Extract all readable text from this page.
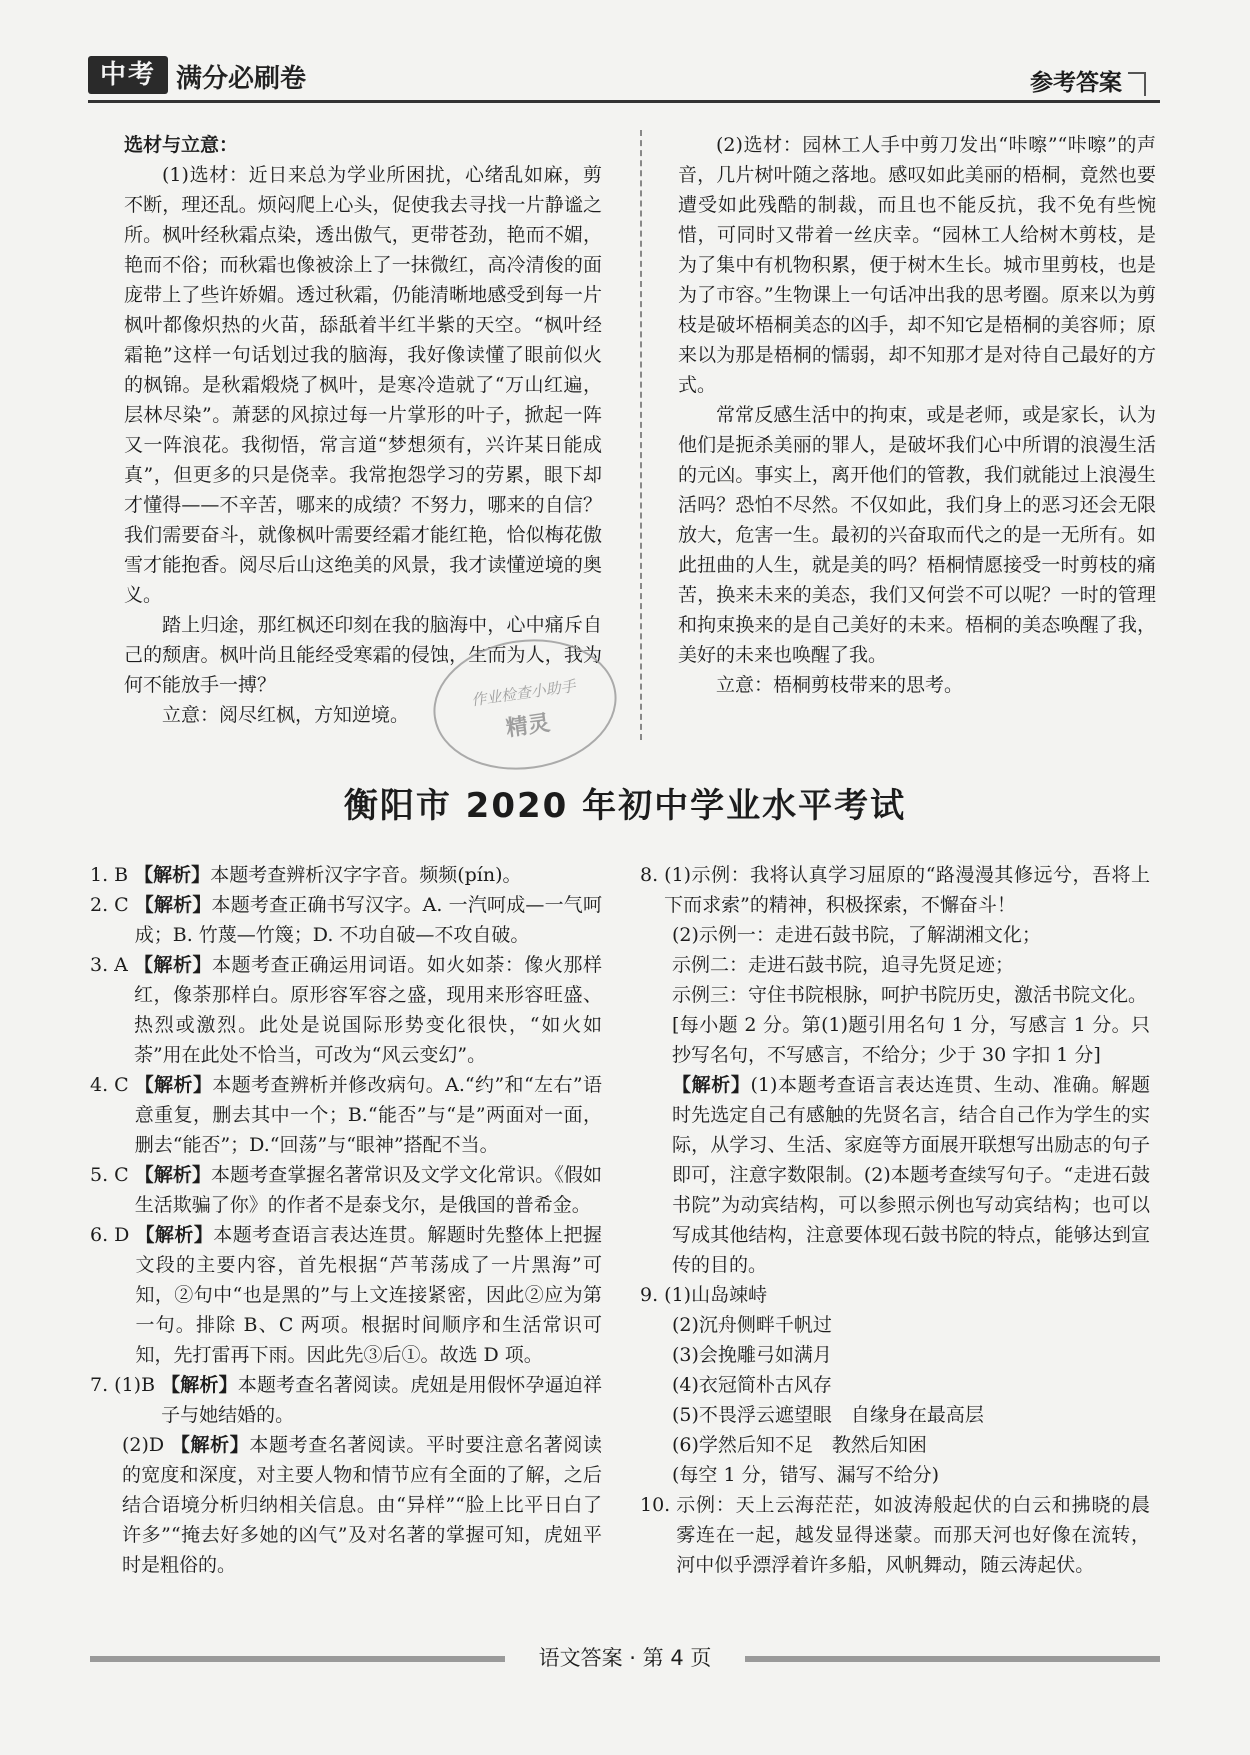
中考 满分必刷卷	参考答案

选材与立意：

(1)选材：近日来总为学业所困扰，心绪乱如麻，剪不断，理还乱。烦闷爬上心头，促使我去寻找一片静谧之所。枫叶经秋霜点染，透出傲气，更带苍劲，艳而不媚，艳而不俗；而秋霜也像被涂上了一抹微红，高冷清俊的面庞带上了些许娇媚。透过秋霜，仍能清晰地感受到每一片枫叶都像炽热的火苗，舔舐着半红半紫的天空。“枫叶经霜艳”这样一句话划过我的脑海，我好像读懂了眼前似火的枫锦。是秋霜煅烧了枫叶，是寒冷造就了“万山红遍，层林尽染”。萧瑟的风掠过每一片掌形的叶子，掀起一阵又一阵浪花。我彻悟，常言道“梦想须有，兴许某日能成真”，但更多的只是侥幸。我常抱怨学习的劳累，眼下却才懂得——不辛苦，哪来的成绩？不努力，哪来的自信？我们需要奋斗，就像枫叶需要经霜才能红艳，恰似梅花傲雪才能抱香。阅尽后山这绝美的风景，我才读懂逆境的奥义。

踏上归途，那红枫还印刻在我的脑海中，心中痛斥自己的颓唐。枫叶尚且能经受寒霜的侵蚀，生而为人，我为何不能放手一搏？

立意：阅尽红枫，方知逆境。

(2)选材：园林工人手中剪刀发出“咔嚓”“咔嚓”的声音，几片树叶随之落地。感叹如此美丽的梧桐，竟然也要遭受如此残酷的制裁，而且也不能反抗，我不免有些惋惜，可同时又带着一丝庆幸。“园林工人给树木剪枝，是为了集中有机物积累，便于树木生长。城市里剪枝，也是为了市容。”生物课上一句话冲出我的思考圈。原来以为剪枝是破坏梧桐美态的凶手，却不知它是梧桐的美容师；原来以为那是梧桐的懦弱，却不知那才是对待自己最好的方式。

常常反感生活中的拘束，或是老师，或是家长，认为他们是扼杀美丽的罪人，是破坏我们心中所谓的浪漫生活的元凶。事实上，离开他们的管教，我们就能过上浪漫生活吗？恐怕不尽然。不仅如此，我们身上的恶习还会无限放大，危害一生。最初的兴奋取而代之的是一无所有。如此扭曲的人生，就是美的吗？梧桐情愿接受一时剪枝的痛苦，换来未来的美态，我们又何尝不可以呢？一时的管理和拘束换来的是自己美好的未来。梧桐的美态唤醒了我，美好的未来也唤醒了我。

立意：梧桐剪枝带来的思考。

作业检查小助手
精灵
衡阳市 2020 年初中学业水平考试
1. B 【解析】本题考查辨析汉字字音。频频(pín)。
2. C 【解析】本题考查正确书写汉字。A. 一汽呵成—一气呵成；B. 竹蔑—竹篾；D. 不功自破—不攻自破。
3. A 【解析】本题考查正确运用词语。如火如荼：像火那样红，像荼那样白。原形容军容之盛，现用来形容旺盛、热烈或激烈。此处是说国际形势变化很快，“如火如荼”用在此处不恰当，可改为“风云变幻”。
4. C 【解析】本题考查辨析并修改病句。A.“约”和“左右”语意重复，删去其中一个；B.“能否”与“是”两面对一面，删去“能否”；D.“回荡”与“眼神”搭配不当。
5. C 【解析】本题考查掌握名著常识及文学文化常识。《假如生活欺骗了你》的作者不是泰戈尔，是俄国的普希金。
6. D 【解析】本题考查语言表达连贯。解题时先整体上把握文段的主要内容，首先根据“芦苇荡成了一片黑海”可知，②句中“也是黑的”与上文连接紧密，因此②应为第一句。排除 B、C 两项。根据时间顺序和生活常识可知，先打雷再下雨。因此先③后①。故选 D 项。
7. (1)B 【解析】本题考查名著阅读。虎妞是用假怀孕逼迫祥子与她结婚的。

(2)D 【解析】本题考查名著阅读。平时要注意名著阅读的宽度和深度，对主要人物和情节应有全面的了解，之后结合语境分析归纳相关信息。由“异样”“脸上比平日白了许多”“掩去好多她的凶气”及对名著的掌握可知，虎妞平时是粗俗的。

8. (1)示例：我将认真学习屈原的“路漫漫其修远兮，吾将上下而求索”的精神，积极探索，不懈奋斗！

(2)示例一：走进石鼓书院，了解湖湘文化；

示例二：走进石鼓书院，追寻先贤足迹；

示例三：守住书院根脉，呵护书院历史，激活书院文化。

[每小题 2 分。第(1)题引用名句 1 分，写感言 1 分。只抄写名句，不写感言，不给分；少于 30 字扣 1 分]

【解析】(1)本题考查语言表达连贯、生动、准确。解题时先选定自己有感触的先贤名言，结合自己作为学生的实际，从学习、生活、家庭等方面展开联想写出励志的句子即可，注意字数限制。(2)本题考查续写句子。“走进石鼓书院”为动宾结构，可以参照示例也写动宾结构；也可以写成其他结构，注意要体现石鼓书院的特点，能够达到宣传的目的。

9. (1)山岛竦峙

(2)沉舟侧畔千帆过

(3)会挽雕弓如满月

(4)衣冠简朴古风存

(5)不畏浮云遮望眼　自缘身在最高层

(6)学然后知不足　教然后知困

(每空 1 分，错写、漏写不给分)

10. 示例：天上云海茫茫，如波涛般起伏的白云和拂晓的晨雾连在一起，越发显得迷蒙。而那天河也好像在流转，河中似乎漂浮着许多船，风帆舞动，随云涛起伏。
语文答案 · 第 4 页
